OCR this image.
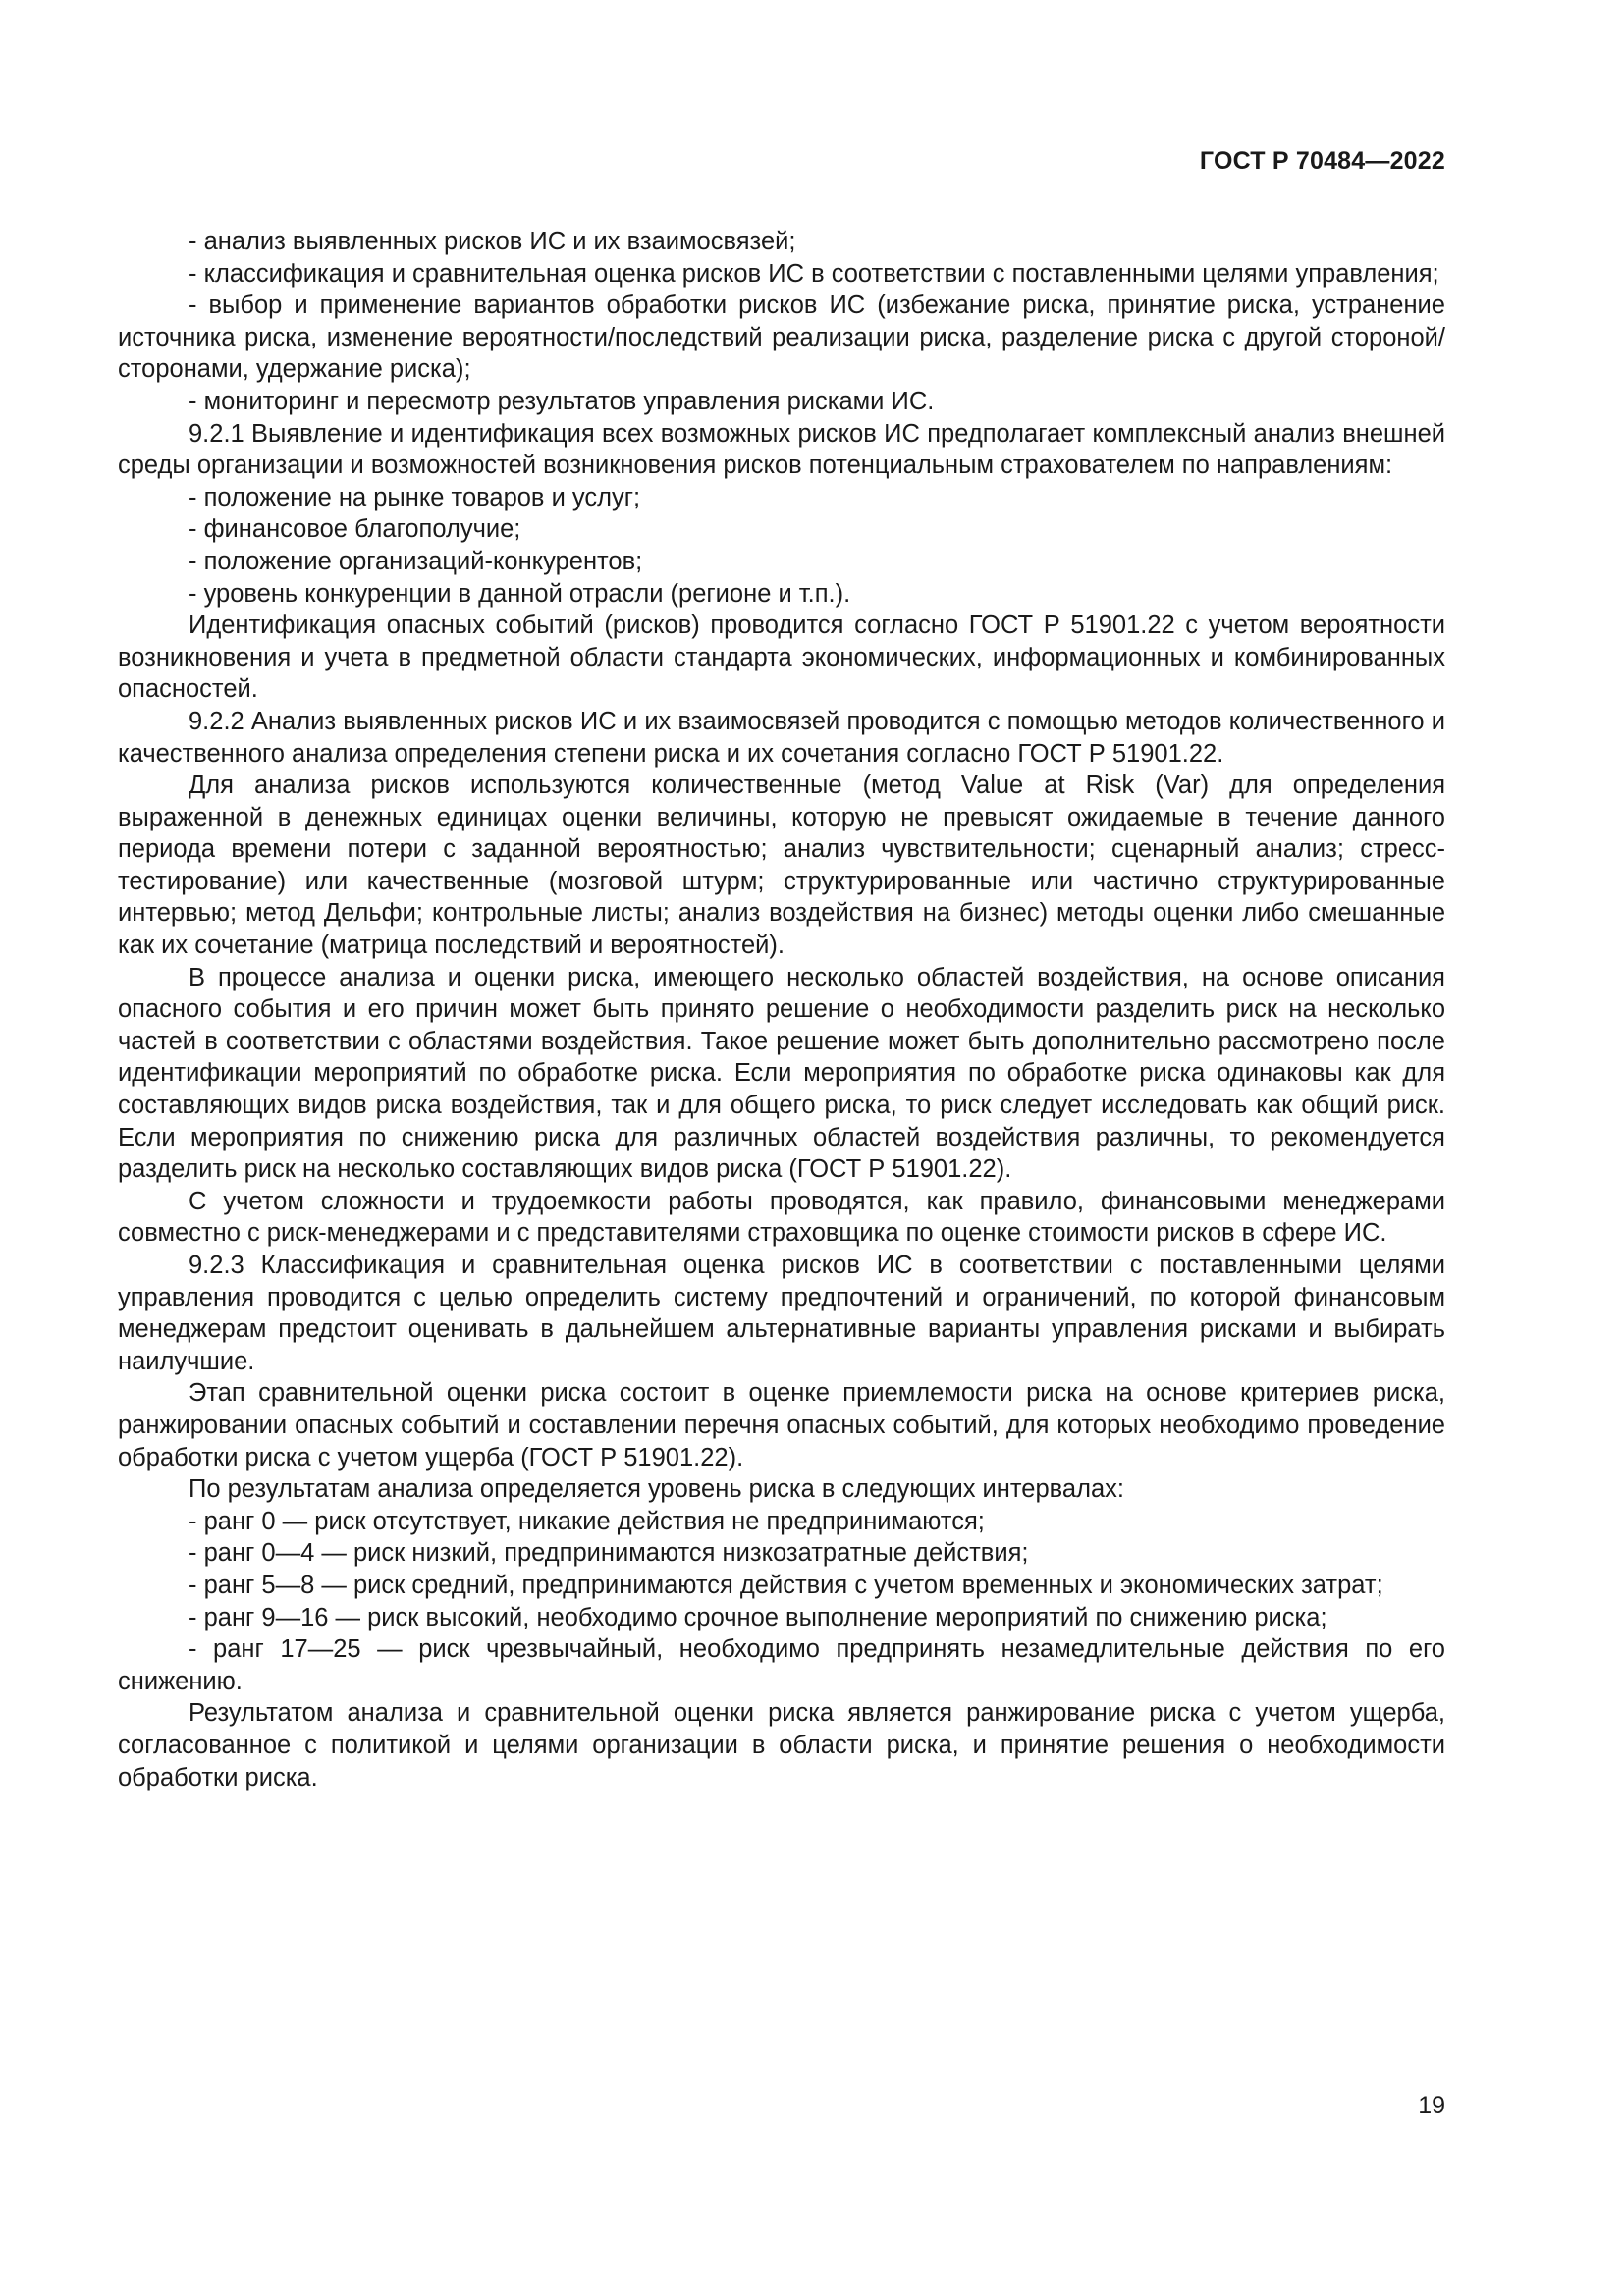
ГОСТ Р 70484—2022

- анализ выявленных рисков ИС и их взаимосвязей;

- классификация и сравнительная оценка рисков ИС в соответствии с поставленными целями управления;

- выбор и применение вариантов обработки рисков ИС (избежание риска, принятие риска, устранение источника риска, изменение вероятности/последствий реализации риска, разделение риска с другой стороной/сторонами, удержание риска);

- мониторинг и пересмотр результатов управления рисками ИС.

9.2.1 Выявление и идентификация всех возможных рисков ИС предполагает комплексный анализ внешней среды организации и возможностей возникновения рисков потенциальным страхователем по направлениям:

- положение на рынке товаров и услуг;

- финансовое благополучие;

- положение организаций-конкурентов;

- уровень конкуренции в данной отрасли (регионе и т.п.).

Идентификация опасных событий (рисков) проводится согласно ГОСТ Р 51901.22 с учетом вероятности возникновения и учета в предметной области стандарта экономических, информационных и комбинированных опасностей.

9.2.2 Анализ выявленных рисков ИС и их взаимосвязей проводится с помощью методов количественного и качественного анализа определения степени риска и их сочетания согласно ГОСТ Р 51901.22.

Для анализа рисков используются количественные (метод Value at Risk (Var) для определения выраженной в денежных единицах оценки величины, которую не превысят ожидаемые в течение данного периода времени потери с заданной вероятностью; анализ чувствительности; сценарный анализ; стресс-тестирование) или качественные (мозговой штурм; структурированные или частично структурированные интервью; метод Дельфи; контрольные листы; анализ воздействия на бизнес) методы оценки либо смешанные как их сочетание (матрица последствий и вероятностей).

В процессе анализа и оценки риска, имеющего несколько областей воздействия, на основе описания опасного события и его причин может быть принято решение о необходимости разделить риск на несколько частей в соответствии с областями воздействия. Такое решение может быть дополнительно рассмотрено после идентификации мероприятий по обработке риска. Если мероприятия по обработке риска одинаковы как для составляющих видов риска воздействия, так и для общего риска, то риск следует исследовать как общий риск. Если мероприятия по снижению риска для различных областей воздействия различны, то рекомендуется разделить риск на несколько составляющих видов риска (ГОСТ Р 51901.22).

С учетом сложности и трудоемкости работы проводятся, как правило, финансовыми менеджерами совместно с риск-менеджерами и с представителями страховщика по оценке стоимости рисков в сфере ИС.

9.2.3 Классификация и сравнительная оценка рисков ИС в соответствии с поставленными целями управления проводится с целью определить систему предпочтений и ограничений, по которой финансовым менеджерам предстоит оценивать в дальнейшем альтернативные варианты управления рисками и выбирать наилучшие.

Этап сравнительной оценки риска состоит в оценке приемлемости риска на основе критериев риска, ранжировании опасных событий и составлении перечня опасных событий, для которых необходимо проведение обработки риска с учетом ущерба (ГОСТ Р 51901.22).

По результатам анализа определяется уровень риска в следующих интервалах:

- ранг 0 — риск отсутствует, никакие действия не предпринимаются;

- ранг 0—4 — риск низкий, предпринимаются низкозатратные действия;

- ранг 5—8 — риск средний, предпринимаются действия с учетом временных и экономических затрат;

- ранг 9—16 — риск высокий, необходимо срочное выполнение мероприятий по снижению риска;

- ранг 17—25 — риск чрезвычайный, необходимо предпринять незамедлительные действия по его снижению.

Результатом анализа и сравнительной оценки риска является ранжирование риска с учетом ущерба, согласованное с политикой и целями организации в области риска, и принятие решения о необходимости обработки риска.

19
